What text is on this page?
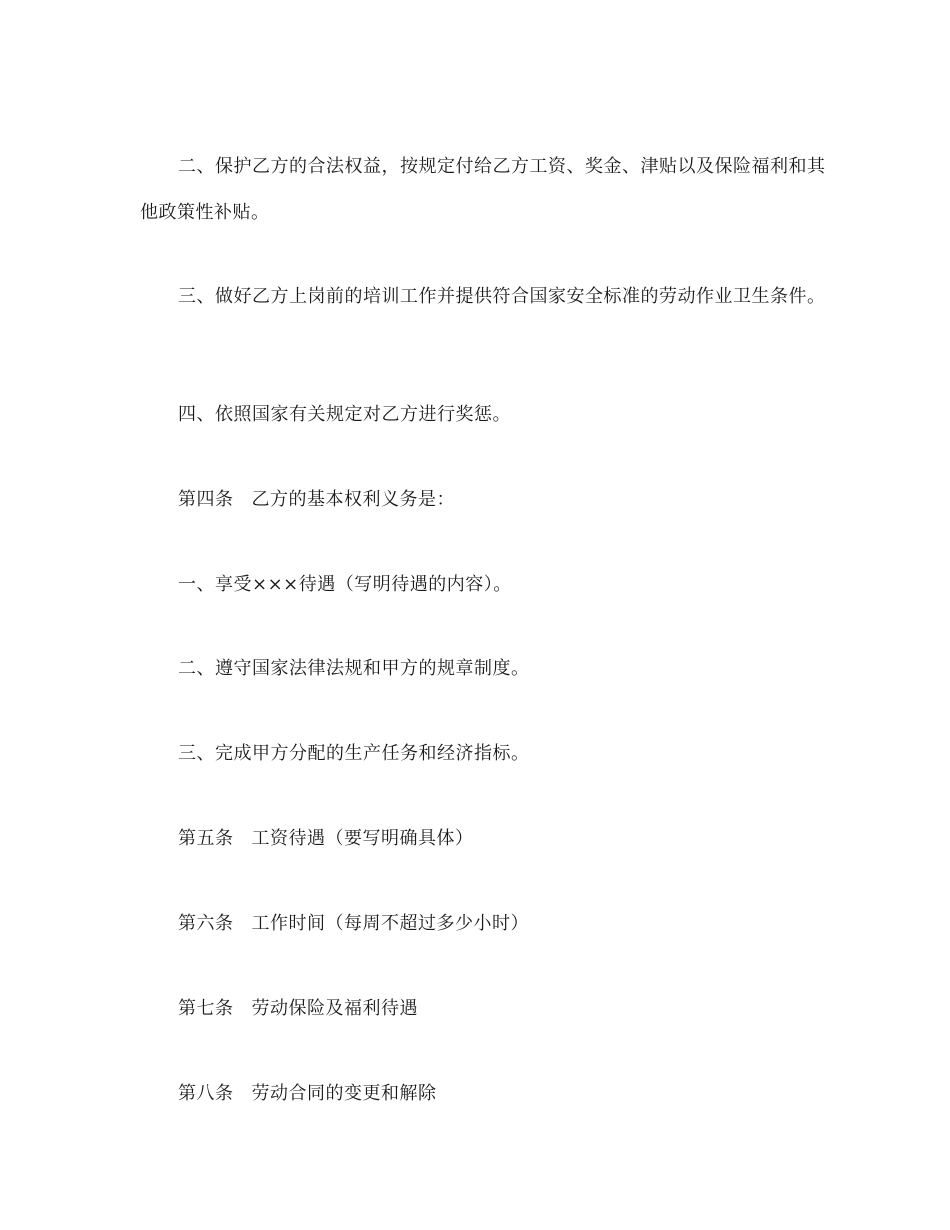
二、保护乙方的合法权益，按规定付给乙方工资、奖金、津贴以及保险福利和其
他政策性补贴。
三、做好乙方上岗前的培训工作并提供符合国家安全标准的劳动作业卫生条件。
四、依照国家有关规定对乙方进行奖惩。
第四条 乙方的基本权利义务是：
一、享受×××待遇（写明待遇的内容）。
二、遵守国家法律法规和甲方的规章制度。
三、完成甲方分配的生产任务和经济指标。
第五条 工资待遇（要写明确具体）
第六条 工作时间（每周不超过多少小时）
第七条 劳动保险及福利待遇
第八条 劳动合同的变更和解除
